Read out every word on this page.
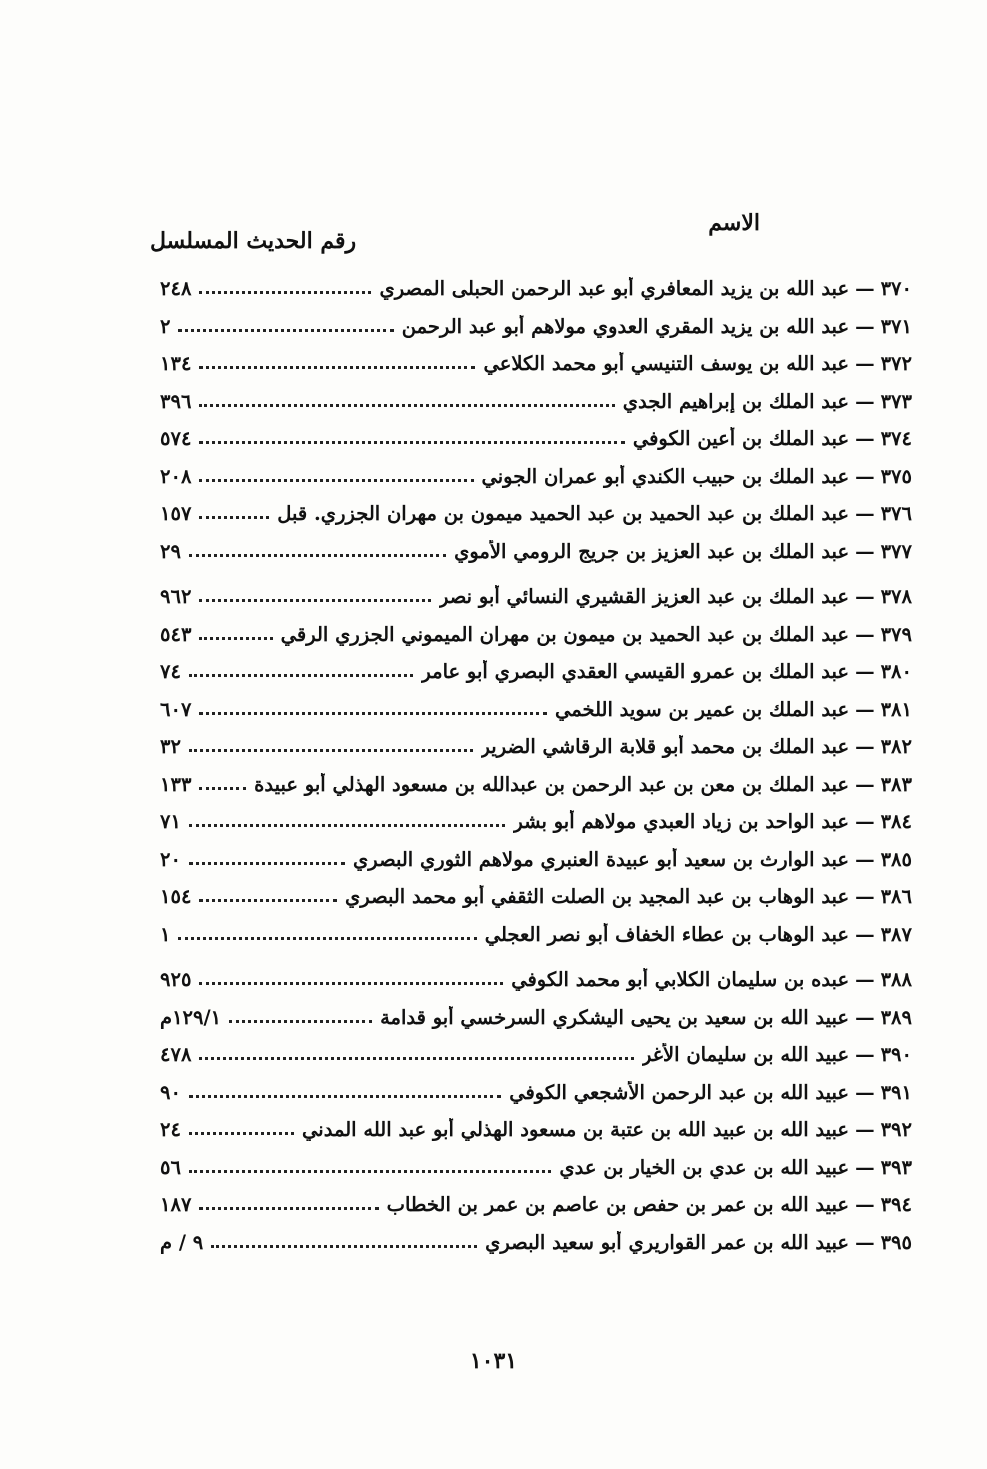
الاسم
رقم الحديث المسلسل
٣٧٠
—
عبد الله بن يزيد المعافري أبو عبد الرحمن الحبلى المصري
٢٤٨
٣٧١
—
عبد الله بن يزيد المقري العدوي مولاهم أبو عبد الرحمن
٢
٣٧٢
—
عبد الله بن يوسف التنيسي أبو محمد الكلاعي
١٣٤
٣٧٣
—
عبد الملك بن إبراهيم الجدي
٣٩٦
٣٧٤
—
عبد الملك بن أعين الكوفي
٥٧٤
٣٧٥
—
عبد الملك بن حبيب الكندي أبو عمران الجوني
٢٠٨
٣٧٦
—
عبد الملك بن عبد الحميد بن عبد الحميد ميمون بن مهران الجزري. قبل
١٥٧
٣٧٧
—
عبد الملك بن عبد العزيز بن جريج الرومي الأموي
٢٩
٣٧٨
—
عبد الملك بن عبد العزيز القشيري النسائي أبو نصر
٩٦٢
٣٧٩
—
عبد الملك بن عبد الحميد بن ميمون بن مهران الميموني الجزري الرقي
٥٤٣
٣٨٠
—
عبد الملك بن عمرو القيسي العقدي البصري أبو عامر
٧٤
٣٨١
—
عبد الملك بن عمير بن سويد اللخمي
٦٠٧
٣٨٢
—
عبد الملك بن محمد أبو قلابة الرقاشي الضرير
٣٢
٣٨٣
—
عبد الملك بن معن بن عبد الرحمن بن عبدالله بن مسعود الهذلي أبو عبيدة
١٣٣
٣٨٤
—
عبد الواحد بن زياد العبدي مولاهم أبو بشر
٧١
٣٨٥
—
عبد الوارث بن سعيد أبو عبيدة العنبري مولاهم الثوري البصري
٢٠
٣٨٦
—
عبد الوهاب بن عبد المجيد بن الصلت الثقفي أبو محمد البصري
١٥٤
٣٨٧
—
عبد الوهاب بن عطاء الخفاف أبو نصر العجلي
١
٣٨٨
—
عبده بن سليمان الكلابي أبو محمد الكوفي
٩٢٥
٣٨٩
—
عبيد الله بن سعيد بن يحيى اليشكري السرخسي أبو قدامة
١٢٩/١م
٣٩٠
—
عبيد الله بن سليمان الأغر
٤٧٨
٣٩١
—
عبيد الله بن عبد الرحمن الأشجعي الكوفي
٩٠
٣٩٢
—
عبيد الله بن عبيد الله بن عتبة بن مسعود الهذلي أبو عبد الله المدني
٢٤
٣٩٣
—
عبيد الله بن عدي بن الخيار بن عدي
٥٦
٣٩٤
—
عبيد الله بن عمر بن حفص بن عاصم بن عمر بن الخطاب
١٨٧
٣٩٥
—
عبيد الله بن عمر القواريري أبو سعيد البصري
٩ / م
١٠٣١
